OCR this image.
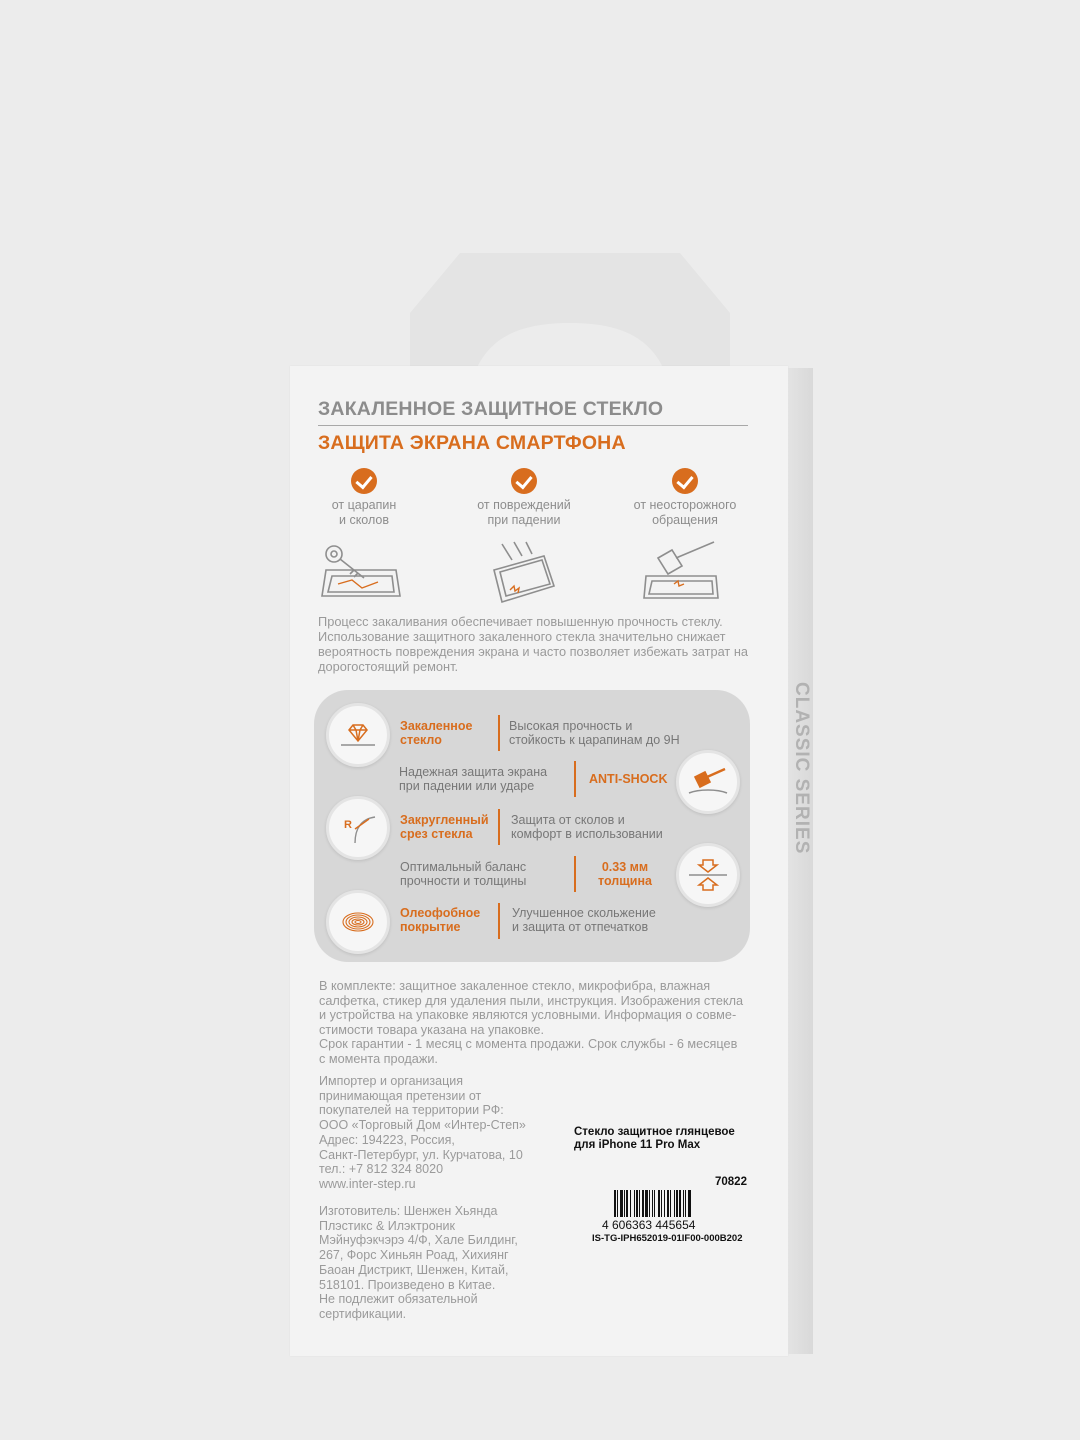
CLASSIC SERIES
ЗАКАЛЕННОЕ ЗАЩИТНОЕ СТЕКЛО
ЗАЩИТА ЭКРАНА СМАРТФОНА
от царапин
и сколов
от повреждений
при падении
от неосторожного
обращения
Процесс закаливания обеспечивает повышенную прочность стеклу. Использование защитного закаленного стекла значительно снижает вероятность повреждения экрана и часто позволяет избежать затрат на дорогостоящий ремонт.
Закаленное
стекло
Высокая прочность и
стойкость к царапинам до 9Н
Надежная защита экрана
при падении или ударе	ANTI-SHOCK
R	Закругленный
срез стекла
Защита от сколов и
комфорт в использовании
Оптимальный баланс
прочности и толщины
0.33 мм
толщина
Олеофобное
покрытие
Улучшенное скольжение
и защита от отпечатков
В комплекте: защитное закаленное стекло, микрофибра, влажная
салфетка, стикер для удаления пыли, инструкция. Изображения стекла
и устройства на упаковке являются условными. Информация о совме-
стимости товара указана на упаковке.
Срок гарантии - 1 месяц с момента продажи. Срок службы - 6 месяцев
с момента продажи.
Импортер и организация
принимающая претензии от
покупателей на территории РФ:
ООО «Торговый Дом «Интер-Степ»
Адрес: 194223, Россия,
Санкт-Петербург, ул. Курчатова, 10
тел.: +7 812 324 8020
www.inter-step.ru
Изготовитель: Шенжен Хьянда
Плэстикс & Илэктроник
Мэйнуфэкчэрэ 4/Ф, Хале Билдинг,
267, Форс Хиньян Роад, Хихиянг
Баоан Дистрикт, Шенжен, Китай,
518101. Произведено в Китае.
Не подлежит обязательной
сертификации.
Стекло защитное глянцевое
для iPhone 11 Pro Max
70822
4 606363 445654
IS-TG-IPH652019-01IF00-000B202
